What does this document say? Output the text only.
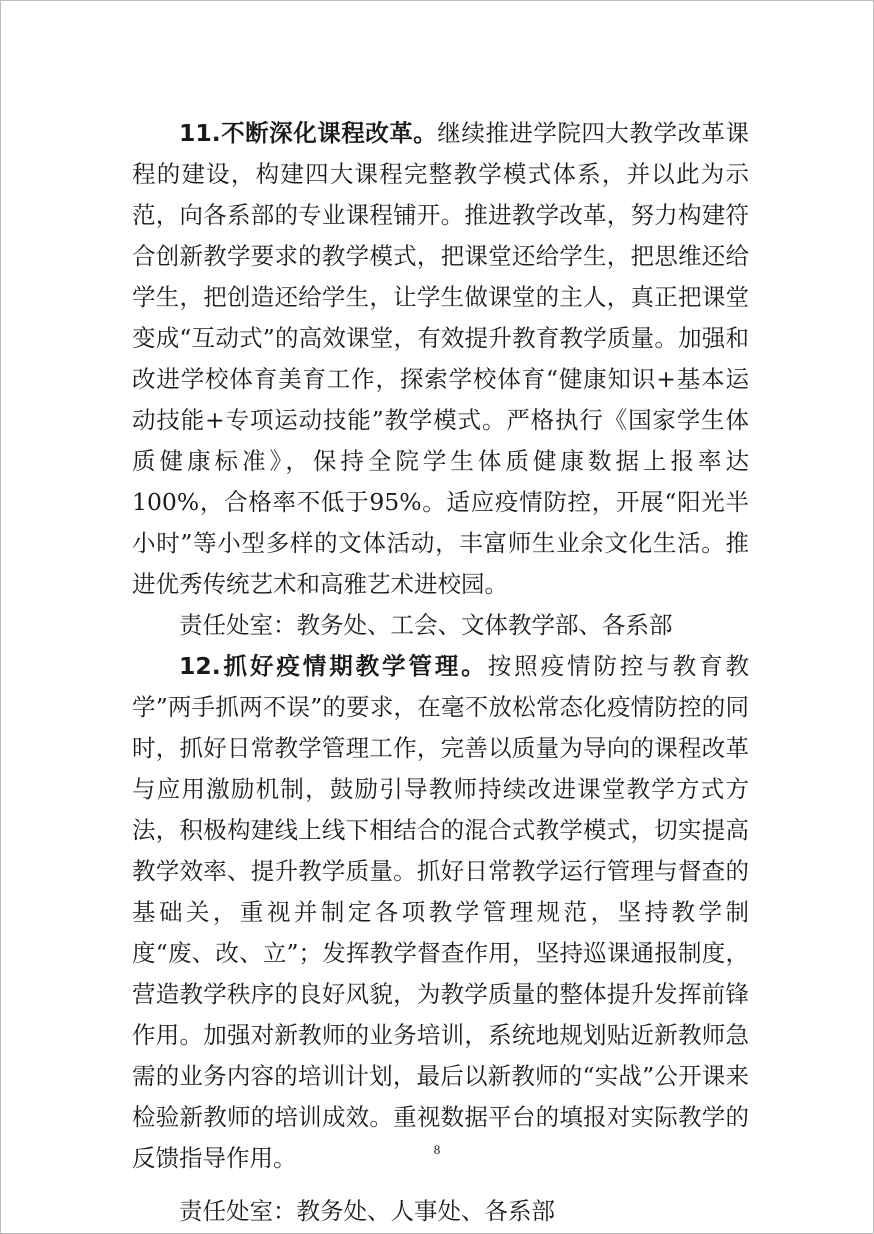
11.不断深化课程改革。继续推进学院四大教学改革课程的建设，构建四大课程完整教学模式体系，并以此为示范，向各系部的专业课程铺开。推进教学改革，努力构建符合创新教学要求的教学模式，把课堂还给学生，把思维还给学生，把创造还给学生，让学生做课堂的主人，真正把课堂变成“互动式”的高效课堂，有效提升教育教学质量。加强和改进学校体育美育工作，探索学校体育“健康知识+基本运动技能+专项运动技能”教学模式。严格执行《国家学生体质健康标准》，保持全院学生体质健康数据上报率达100%，合格率不低于95%。适应疫情防控，开展“阳光半小时”等小型多样的文体活动，丰富师生业余文化生活。推进优秀传统艺术和高雅艺术进校园。

责任处室：教务处、工会、文体教学部、各系部

12.抓好疫情期教学管理。按照疫情防控与教育教学”两手抓两不误”的要求，在毫不放松常态化疫情防控的同时，抓好日常教学管理工作，完善以质量为导向的课程改革与应用激励机制，鼓励引导教师持续改进课堂教学方式方法，积极构建线上线下相结合的混合式教学模式，切实提高教学效率、提升教学质量。抓好日常教学运行管理与督查的基础关，重视并制定各项教学管理规范，坚持教学制度“废、改、立”；发挥教学督查作用，坚持巡课通报制度，营造教学秩序的良好风貌，为教学质量的整体提升发挥前锋作用。加强对新教师的业务培训，系统地规划贴近新教师急需的业务内容的培训计划，最后以新教师的“实战”公开课来检验新教师的培训成效。重视数据平台的填报对实际教学的反馈指导作用。

责任处室：教务处、人事处、各系部

8
